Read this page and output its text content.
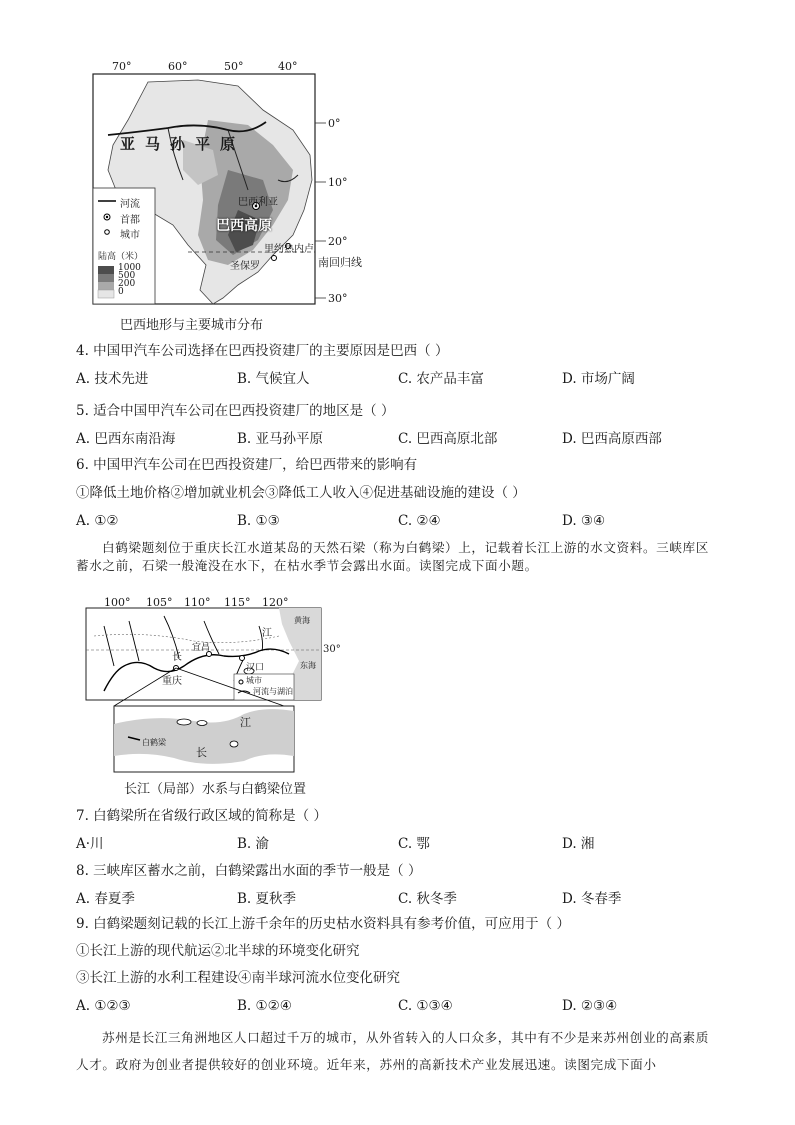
70°	60°	50°	40°
0°
10°
20°
30°
亚马孙平原
巴西高原
巴西利亚
里约热内卢
圣保罗	南回归线
河流
首都
城市
陆高（米）
1000
500
200
0
巴西地形与主要城市分布
4. 中国甲汽车公司选择在巴西投资建厂的主要原因是巴西（ ）
A. 技术先进	B. 气候宜人	C. 农产品丰富	D. 市场广阔
5. 适合中国甲汽车公司在巴西投资建厂的地区是（ ）
A. 巴西东南沿海	B. 亚马孙平原	C. 巴西高原北部	D. 巴西高原西部
6. 中国甲汽车公司在巴西投资建厂，给巴西带来的影响有
①降低土地价格②增加就业机会③降低工人收入④促进基础设施的建设（ ）
A. ①②	B. ①③	C. ②④	D. ③④
白鹤梁题刻位于重庆长江水道某岛的天然石梁（称为白鹤梁）上，记载着长江上游的水文资料。三峡库区蓄水之前，石梁一般淹没在水下，在枯水季节会露出水面。读图完成下面小题。
100° 105° 110° 115° 120°
30°
黄海
东海
江
长
宜昌
重庆
汉口
城市
河流与湖泊
江
长
白鹤梁
长江（局部）水系与白鹤梁位置
7. 白鹤梁所在省级行政区域的简称是（ ）
A·川	B. 渝	C. 鄂	D. 湘
8. 三峡库区蓄水之前，白鹤梁露出水面的季节一般是（ ）
A. 春夏季	B. 夏秋季	C. 秋冬季	D. 冬春季
9. 白鹤梁题刻记载的长江上游千余年的历史枯水资料具有参考价值，可应用于（ ）
①长江上游的现代航运②北半球的环境变化研究
③长江上游的水利工程建设④南半球河流水位变化研究
A. ①②③	B. ①②④	C. ①③④	D. ②③④
苏州是长江三角洲地区人口超过千万的城市，从外省转入的人口众多，其中有不少是来苏州创业的高素质人才。政府为创业者提供较好的创业环境。近年来，苏州的高新技术产业发展迅速。读图完成下面小
